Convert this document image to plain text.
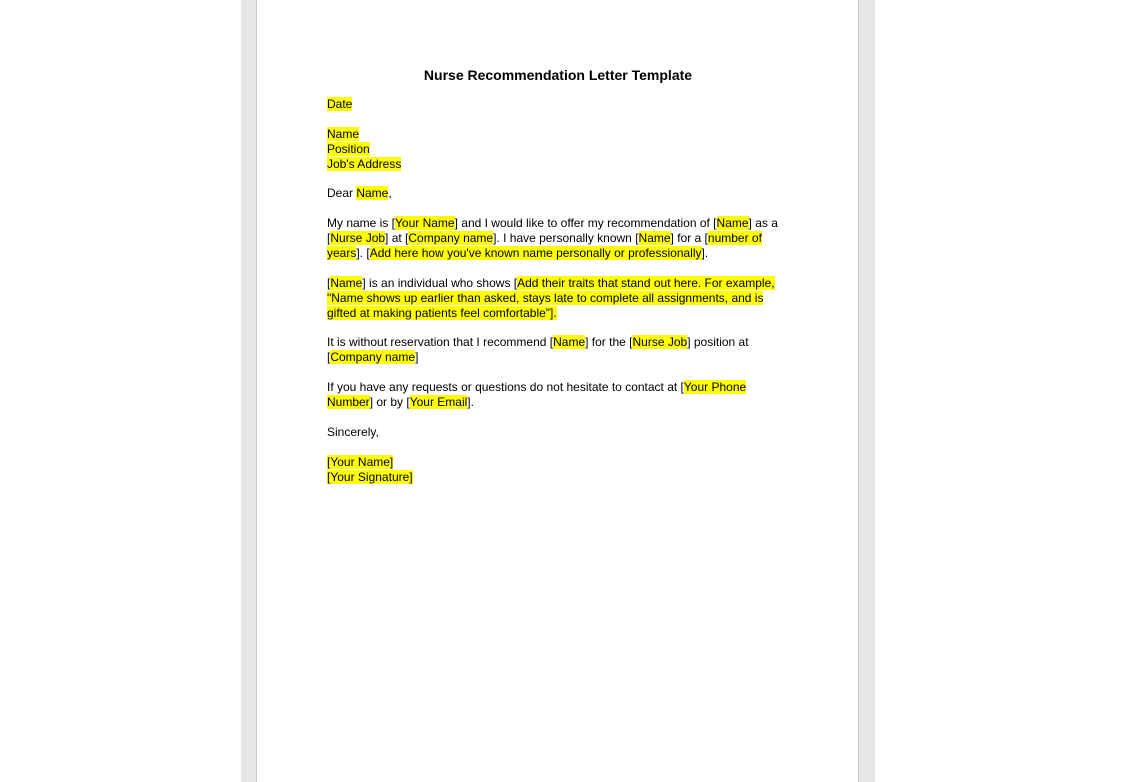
Nurse Recommendation Letter Template

Date

Name
Position
Job's Address

Dear Name,

My name is [Your Name] and I would like to offer my recommendation of [Name] as a [Nurse Job] at [Company name]. I have personally known [Name] for a [number of years]. [Add here how you've known name personally or professionally].

[Name] is an individual who shows [Add their traits that stand out here. For example, "Name shows up earlier than asked, stays late to complete all assignments, and is gifted at making patients feel comfortable"].

It is without reservation that I recommend [Name] for the [Nurse Job] position at [Company name]

If you have any requests or questions do not hesitate to contact at [Your Phone Number] or by [Your Email].

Sincerely,

[Your Name]
[Your Signature]
